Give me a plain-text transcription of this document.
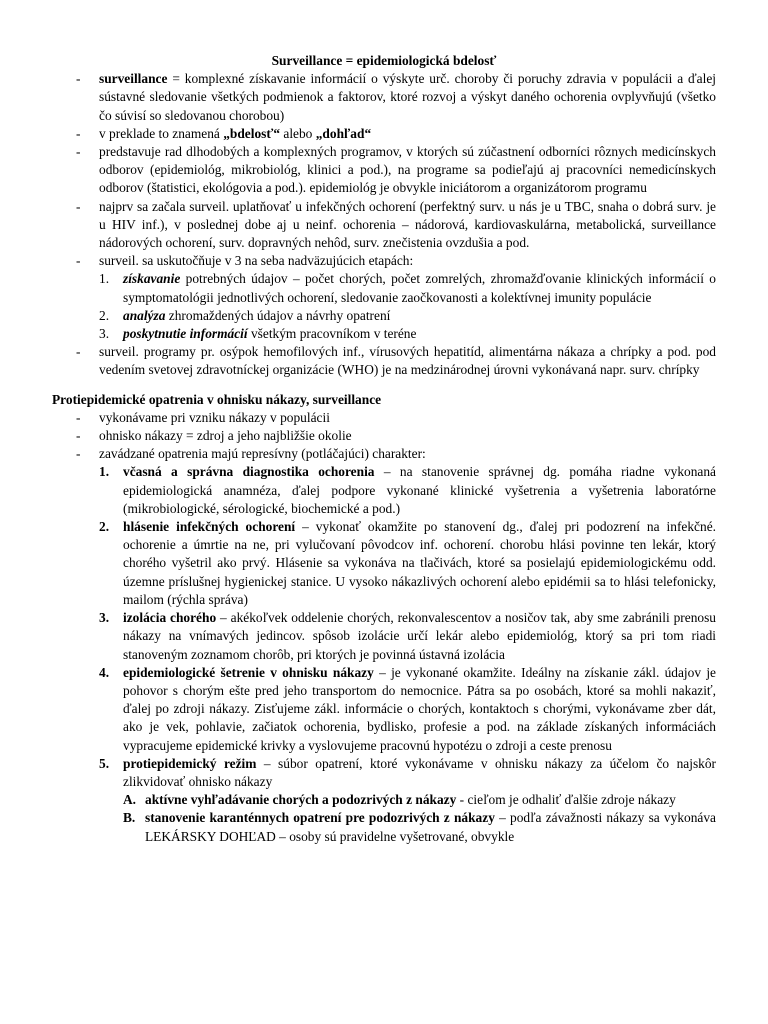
Surveillance = epidemiologická bdelosť
- surveillance = komplexné získavanie informácií o výskyte urč. choroby či poruchy zdravia v populácii a ďalej sústavné sledovanie všetkých podmienok a faktorov, ktoré rozvoj a výskyt daného ochorenia ovplyvňujú (všetko čo súvisí so sledovanou chorobou)
- v preklade to znamená „bdelosť“ alebo „dohľad“
- predstavuje rad dlhodobých a komplexných programov, v ktorých sú zúčastnení odborníci rôznych medicínskych odborov (epidemiológ, mikrobiológ, klinici a pod.), na programe sa podieľajú aj pracovníci nemedicínskych odborov (štatistici, ekológovia a pod.). epidemiológ je obvykle iniciátorom a organizátorom programu
- najprv sa začala surveil. uplatňovať u infekčných ochorení (perfektný surv. u nás je u TBC, snaha o dobrá surv. je u HIV inf.), v poslednej dobe aj u neinf. ochorenia – nádorová, kardiovaskulárna, metabolická, surveillance nádorových ochorení, surv. dopravných nehôd, surv. znečistenia ovzdušia a pod.
- surveil. sa uskutočňuje v 3 na seba nadväzujúcich etapách:
1. získavanie potrebných údajov – počet chorých, počet zomrelých, zhromažďovanie klinických informácií o symptomatológii jednotlivých ochorení, sledovanie zaočkovanosti a kolektívnej imunity populácie
2. analýza zhromaždených údajov a návrhy opatrení
3. poskytnutie informácií všetkým pracovníkom v teréne
- surveil. programy pr. osýpok hemofilových inf., vírusových hepatitíd, alimentárna nákaza a chrípky a pod. pod vedením svetovej zdravotníckej organizácie (WHO) je na medzinárodnej úrovni vykonávaná napr. surv. chrípky
Protiepidemické opatrenia v ohnisku nákazy, surveillance
- vykonávame pri vzniku nákazy v populácii
- ohnisko nákazy = zdroj a jeho najbližšie okolie
- zavádzané opatrenia majú represívny (potláčajúci) charakter:
1. včasná a správna diagnostika ochorenia – na stanovenie správnej dg. pomáha riadne vykonaná epidemiologická anamnéza, ďalej podpore vykonané klinické vyšetrenia a vyšetrenia laboratórne (mikrobiologické, sérologické, biochemické a pod.)
2. hlásenie infekčných ochorení – vykonať okamžite po stanovení dg., ďalej pri podozrení na infekčné. ochorenie a úmrtie na ne, pri vylučovaní pôvodcov inf. ochorení. chorobu hlási povinne ten lekár, ktorý chorého vyšetril ako prvý. Hlásenie sa vykonáva na tlačivách, ktoré sa posielajú epidemiologickému odd. územne príslušnej hygienickej stanice. U vysoko nákazlivých ochorení alebo epidémii sa to hlási telefonicky, mailom (rýchla správa)
3. izolácia chorého – akékoľvek oddelenie chorých, rekonvalescentov a nosičov tak, aby sme zabránili prenosu nákazy na vnímavých jedincov. spôsob izolácie určí lekár alebo epidemiológ, ktorý sa pri tom riadi stanoveným zoznamom chorôb, pri ktorých je povinná ústavná izolácia
4. epidemiologické šetrenie v ohnisku nákazy – je vykonané okamžite. Ideálny na získanie zákl. údajov je pohovor s chorým ešte pred jeho transportom do nemocnice. Pátra sa po osobách, ktoré sa mohli nakaziť, ďalej po zdroji nákazy. Zisťujeme zákl. informácie o chorých, kontaktoch s chorými, vykonávame zber dát, ako je vek, pohlavie, začiatok ochorenia, bydlisko, profesie a pod. na základe získaných informáciách vypracujeme epidemické krivky a vyslovujeme pracovnú hypotézu o zdroji a ceste prenosu
5. protiepidemický režim – súbor opatrení, ktoré vykonávame v ohnisku nákazy za účelom čo najskôr zlikvidovať ohnisko nákazy
A. aktívne vyhľadávanie chorých a podozrivých z nákazy - cieľom je odhaliť ďalšie zdroje nákazy
B. stanovenie karanténnych opatrení pre podozrivých z nákazy – podľa závažnosti nákazy sa vykonáva LEKÁRSKY DOHĽAD – osoby sú pravidelne vyšetrované, obvykle
